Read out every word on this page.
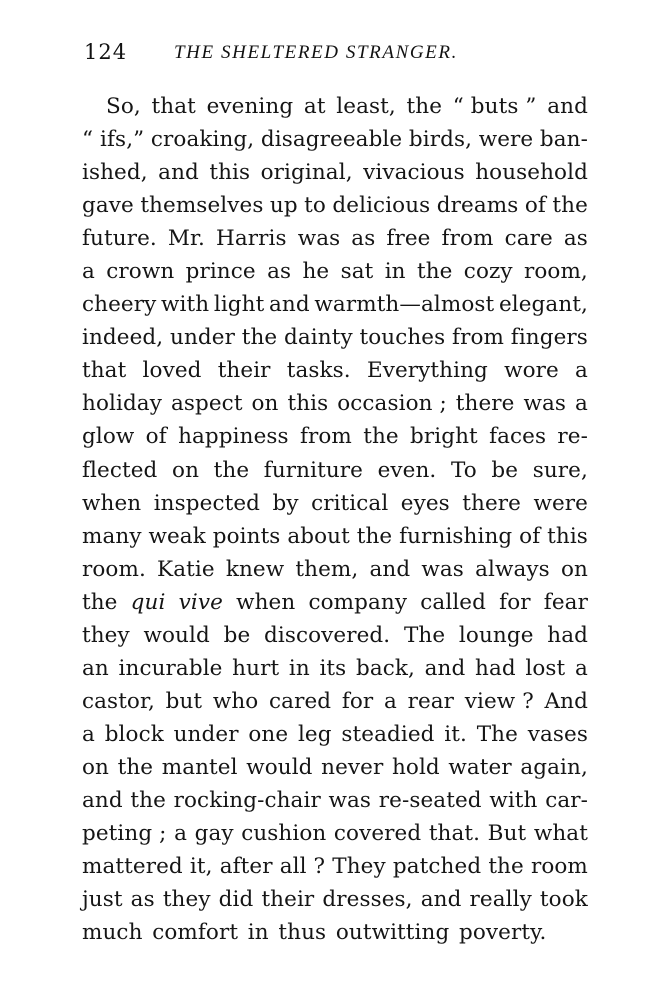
124 THE SHELTERED STRANGER.
So, that evening at least, the “ buts ” and
“ ifs,” croaking, disagreeable birds, were ban-
ished, and this original, vivacious household
gave themselves up to delicious dreams of the
future. Mr. Harris was as free from care as
a crown prince as he sat in the cozy room,
cheery with light and warmth—almost elegant,
indeed, under the dainty touches from fingers
that loved their tasks. Everything wore a
holiday aspect on this occasion ; there was a
glow of happiness from the bright faces re-
flected on the furniture even. To be sure,
when inspected by critical eyes there were
many weak points about the furnishing of this
room. Katie knew them, and was always on
the qui vive when company called for fear
they would be discovered. The lounge had
an incurable hurt in its back, and had lost a
castor, but who cared for a rear view ? And
a block under one leg steadied it. The vases
on the mantel would never hold water again,
and the rocking-chair was re-seated with car-
peting ; a gay cushion covered that. But what
mattered it, after all ? They patched the room
just as they did their dresses, and really took
much comfort in thus outwitting poverty.
